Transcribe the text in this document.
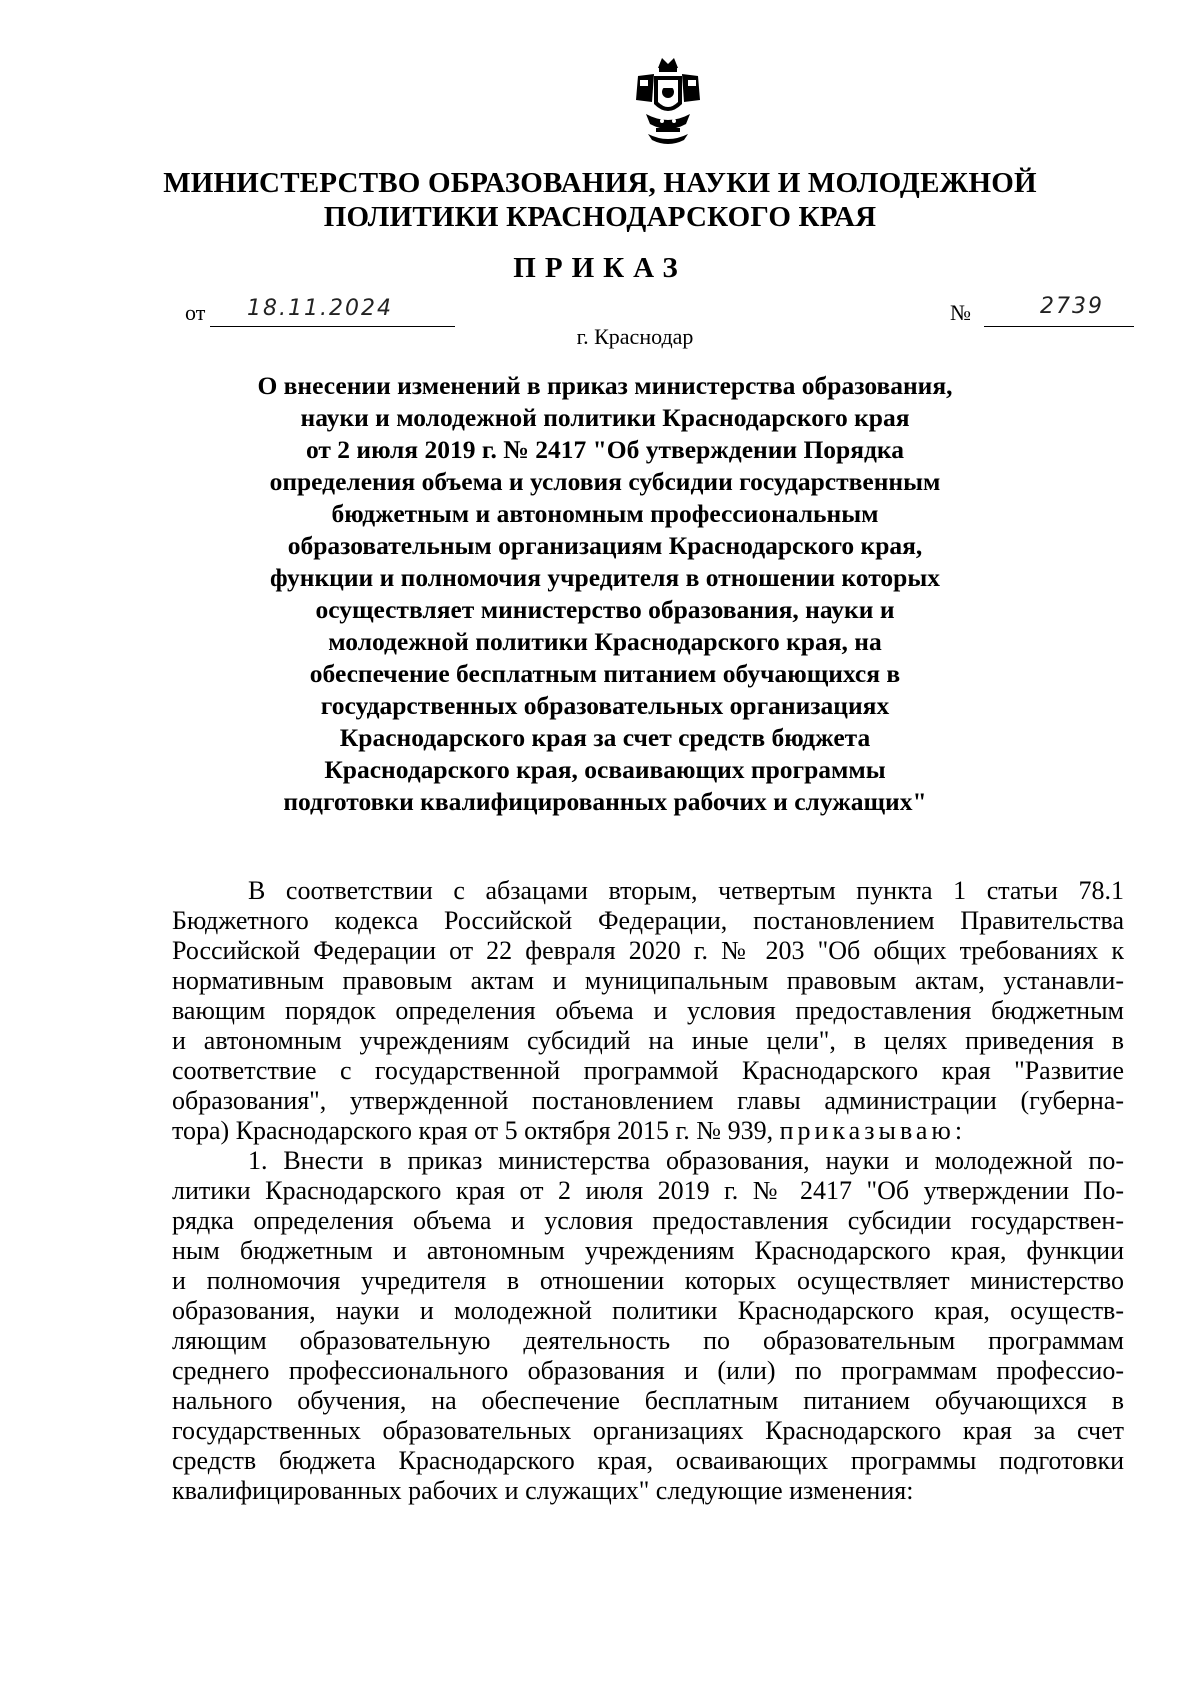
МИНИСТЕРСТВО ОБРАЗОВАНИЯ, НАУКИ И МОЛОДЕЖНОЙ
ПОЛИТИКИ КРАСНОДАРСКОГО КРАЯ
ПРИКАЗ
от 18.11.2024	№	2739
г. Краснодар
О внесении изменений в приказ министерства образования,
науки и молодежной политики Краснодарского края
от 2 июля 2019 г. № 2417 "Об утверждении Порядка
определения объема и условия субсидии государственным
бюджетным и автономным профессиональным
образовательным организациям Краснодарского края,
функции и полномочия учредителя в отношении которых
осуществляет министерство образования, науки и
молодежной политики Краснодарского края, на
обеспечение бесплатным питанием обучающихся в
государственных образовательных организациях
Краснодарского края за счет средств бюджета
Краснодарского края, осваивающих программы
подготовки квалифицированных рабочих и служащих"
В соответствии с абзацами вторым, четвертым пункта 1 статьи 78.1
Бюджетного кодекса Российской Федерации, постановлением Правительства
Российской Федерации от 22 февраля 2020 г. № 203 "Об общих требованиях к
нормативным правовым актам и муниципальным правовым актам, устанавли-
вающим порядок определения объема и условия предоставления бюджетным
и автономным учреждениям субсидий на иные цели", в целях приведения в
соответствие с государственной программой Краснодарского края "Развитие
образования", утвержденной постановлением главы администрации (губерна-
тора) Краснодарского края от 5 октября 2015 г. № 939, приказываю:
1. Внести в приказ министерства образования, науки и молодежной по-
литики Краснодарского края от 2 июля 2019 г. № 2417 "Об утверждении По-
рядка определения объема и условия предоставления субсидии государствен-
ным бюджетным и автономным учреждениям Краснодарского края, функции
и полномочия учредителя в отношении которых осуществляет министерство
образования, науки и молодежной политики Краснодарского края, осуществ-
ляющим образовательную деятельность по образовательным программам
среднего профессионального образования и (или) по программам профессио-
нального обучения, на обеспечение бесплатным питанием обучающихся в
государственных образовательных организациях Краснодарского края за счет
средств бюджета Краснодарского края, осваивающих программы подготовки
квалифицированных рабочих и служащих" следующие изменения:
